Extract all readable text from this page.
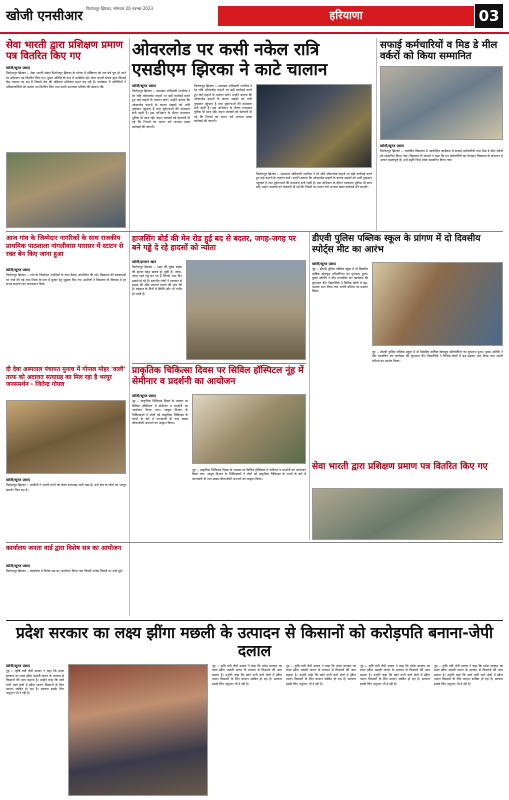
खोजी एनसीआर
फिरोजपुर झिरका, सोमवार 20 नवम्बर 2023
हरियाणा	03
सेवा भारती द्वारा प्रशिक्षण प्रमाण पत्र वितरित किए गए
खोजी/सूरज प्रसाद
फिरोजपुर झिरका :- सेवा भारती संस्था फिरोजपुर झिरका के प्रांगण में वर्षिकाय को एक वर्ष पूरा हो जाने पर प्रशिक्षण पत्र वितरित किए गए। मुख्य अतिथि के रूप में उपस्थित रहे। सेवा भारती संस्था द्वारा सिलाई केंद्र चलाया जा रहा है जिसमें क्षेत्र की महिलाएं प्रशिक्षण प्राप्त कर रही हैं। कार्यक्रम में अतिथियों ने प्रशिक्षणार्थियों को प्रमाण पत्र वितरित किए तथा उनके उज्ज्वल भविष्य की कामना की।
ओवरलोड पर कसी नकेल रात्रि एसडीएम झिरका ने काटे चालान
खोजी/सूरज प्रसाद
फिरोजपुर झिरका :- उपमंडल अधिकारी नागरिक ने देर रात्रि ओवरलोड वाहनों पर बड़ी कार्रवाई करते हुए कई वाहनों के चालान काटे। उन्होंने बताया कि ओवरलोड वाहनों के कारण सड़कों को भारी नुकसान पहुंचता है तथा दुर्घटनाओं की संभावना बनी रहती है। इस अभियान के दौरान यातायात पुलिस भी साथ रही। वाहन चालकों को चेतावनी दी गई कि नियमों का पालन करें अन्यथा सख्त कार्रवाई की जाएगी।
फिरोजपुर झिरका :- उपमंडल अधिकारी नागरिक ने देर रात्रि ओवरलोड वाहनों पर बड़ी कार्रवाई करते हुए कई वाहनों के चालान काटे। उन्होंने बताया कि ओवरलोड वाहनों के कारण सड़कों को भारी नुकसान पहुंचता है तथा दुर्घटनाओं की संभावना बनी रहती है। इस अभियान के दौरान यातायात पुलिस भी साथ रही। वाहन चालकों को चेतावनी दी गई कि नियमों का पालन करें अन्यथा सख्त कार्रवाई की जाएगी।
फिरोजपुर झिरका :- उपमंडल अधिकारी नागरिक ने देर रात्रि ओवरलोड वाहनों पर बड़ी कार्रवाई करते हुए कई वाहनों के चालान काटे। उन्होंने बताया कि ओवरलोड वाहनों के कारण सड़कों को भारी नुकसान पहुंचता है तथा दुर्घटनाओं की संभावना बनी रहती है। इस अभियान के दौरान यातायात पुलिस भी साथ रही। वाहन चालकों को चेतावनी दी गई कि नियमों का पालन करें अन्यथा सख्त कार्रवाई की जाएगी।
सफाई कर्मचारियों व मिड डे मील वर्करों को किया सम्मानित
खोजी/सूरज प्रसाद
फिरोजपुर झिरका :- राजकीय विद्यालय में आयोजित कार्यक्रम में सफाई कर्मचारियों तथा मिड डे मील वर्करों को सम्मानित किया गया। विद्यालय के प्राचार्य ने कहा कि इन कर्मचारियों का योगदान विद्यालय के संचालन में अत्यंत महत्वपूर्ण है। उन्हें स्मृति चिन्ह देकर सम्मानित किया गया।
आज गांव के जिम्मेदार नागरिकों के साथ राजकीय प्राथमिक पाठशाला नांगलीवास पारासर में स्टाटन से रक्त बेन किए जाना हुआ
खोजी/सूरज प्रसाद
फिरोजपुर झिरका :- गांव के जिम्मेदार नागरिकों के साथ बैठक आयोजित की गई। विद्यालय की समस्याओं पर चर्चा की गई तथा शिक्षा के स्तर में सुधार हेतु सुझाव दिए गए। ग्रामीणों ने विद्यालय के विकास में हर संभव सहयोग का आश्वासन दिया।
हाजसिंग बोर्ड की मेन रोड हुई बद से बदतर, जगह-जगह पर बने गड्ढे दे रहे हादसों को न्योता
खोजी/इमरान खान
फिरोजपुर झिरका :- शहर की मुख्य सड़क की हालत बेहद खराब हो चुकी है। जगह-जगह गहरे गड्ढे बन गए हैं जिनसे आए दिन हादसे हो रहे हैं। स्थानीय लोगों ने प्रशासन से सड़क की शीघ्र मरम्मत कराने की मांग की है। बरसात के दिनों में स्थिति और भी गंभीर हो जाती है।
डीएवी पुलिस पब्लिक स्कूल के प्रांगण में दो दिवसीय स्पोर्ट्स मीट का आरंभ
खोजी/सूरज प्रसाद
नूंह :- डीएवी पुलिस पब्लिक स्कूल में दो दिवसीय वार्षिक खेलकूद प्रतियोगिता का शुभारंभ हुआ। मुख्य अतिथि ने दीप प्रज्वलित कर कार्यक्रम की शुरुआत की। विद्यार्थियों ने विभिन्न खेलों में बढ़-चढ़कर भाग लिया तथा अपनी प्रतिभा का प्रदर्शन किया।
नूंह :- डीएवी पुलिस पब्लिक स्कूल में दो दिवसीय वार्षिक खेलकूद प्रतियोगिता का शुभारंभ हुआ। मुख्य अतिथि ने दीप प्रज्वलित कर कार्यक्रम की शुरुआत की। विद्यार्थियों ने विभिन्न खेलों में बढ़-चढ़कर भाग लिया तथा अपनी प्रतिभा का प्रदर्शन किया।
दी देवा अस्पताल पंचायत मुनाच में गोपाल मोहर 'वाली' तरफ को अदालत सत्याग्रह का मिल रहा है भरपूर जनसमर्थन - जितेन्द्र गोयल
खोजी/सूरज प्रसाद
फिरोजपुर झिरका :- ग्रामीणों ने अपनी मांगों को लेकर सत्याग्रह जारी रखा है। उन्हें क्षेत्र के लोगों का भरपूर समर्थन मिल रहा है।
प्राकृतिक चिकित्सा दिवस पर सिविल हॉस्पिटल नूंह में सेमीनार व प्रदर्शनी का आयोजन
खोजी/सूरज प्रसाद
नूंह :- प्राकृतिक चिकित्सा दिवस के अवसर पर सिविल हॉस्पिटल में सेमीनार व प्रदर्शनी का आयोजन किया गया। आयुष विभाग के चिकित्सकों ने लोगों को प्राकृतिक चिकित्सा के लाभों के बारे में जानकारी दी तथा स्वस्थ जीवनशैली अपनाने का आह्वान किया।
नूंह :- प्राकृतिक चिकित्सा दिवस के अवसर पर सिविल हॉस्पिटल में सेमीनार व प्रदर्शनी का आयोजन किया गया। आयुष विभाग के चिकित्सकों ने लोगों को प्राकृतिक चिकित्सा के लाभों के बारे में जानकारी दी तथा स्वस्थ जीवनशैली अपनाने का आह्वान किया।
सेवा भारती द्वारा प्रशिक्षण प्रमाण पत्र वितरित किए गए
कार्यालय जनता वार्ड द्वारा विशेष सत्र का आयोजन
खोजी/सूरज प्रसाद
फिरोजपुर झिरका :- कार्यालय में विशेष सत्र का आयोजन किया गया जिसमें अनेक विषयों पर चर्चा हुई।
प्रदेश सरकार का लक्ष्य झींगा मछली के उत्पादन से किसानों को करोड़पति बनाना-जेपी दलाल
खोजी/सूरज प्रसाद
नूंह :- कृषि मंत्री जेपी दलाल ने कहा कि प्रदेश सरकार का लक्ष्य झींगा मछली पालन के माध्यम से किसानों की आय बढ़ाना है। उन्होंने कहा कि खारे पानी वाले क्षेत्रों में झींगा पालन किसानों के लिए वरदान साबित हो रहा है। सरकार इसके लिए अनुदान भी दे रही है।
नूंह :- कृषि मंत्री जेपी दलाल ने कहा कि प्रदेश सरकार का लक्ष्य झींगा मछली पालन के माध्यम से किसानों की आय बढ़ाना है। उन्होंने कहा कि खारे पानी वाले क्षेत्रों में झींगा पालन किसानों के लिए वरदान साबित हो रहा है। सरकार इसके लिए अनुदान भी दे रही है।
नूंह :- कृषि मंत्री जेपी दलाल ने कहा कि प्रदेश सरकार का लक्ष्य झींगा मछली पालन के माध्यम से किसानों की आय बढ़ाना है। उन्होंने कहा कि खारे पानी वाले क्षेत्रों में झींगा पालन किसानों के लिए वरदान साबित हो रहा है। सरकार इसके लिए अनुदान भी दे रही है।
नूंह :- कृषि मंत्री जेपी दलाल ने कहा कि प्रदेश सरकार का लक्ष्य झींगा मछली पालन के माध्यम से किसानों की आय बढ़ाना है। उन्होंने कहा कि खारे पानी वाले क्षेत्रों में झींगा पालन किसानों के लिए वरदान साबित हो रहा है। सरकार इसके लिए अनुदान भी दे रही है।
नूंह :- कृषि मंत्री जेपी दलाल ने कहा कि प्रदेश सरकार का लक्ष्य झींगा मछली पालन के माध्यम से किसानों की आय बढ़ाना है। उन्होंने कहा कि खारे पानी वाले क्षेत्रों में झींगा पालन किसानों के लिए वरदान साबित हो रहा है। सरकार इसके लिए अनुदान भी दे रही है।
